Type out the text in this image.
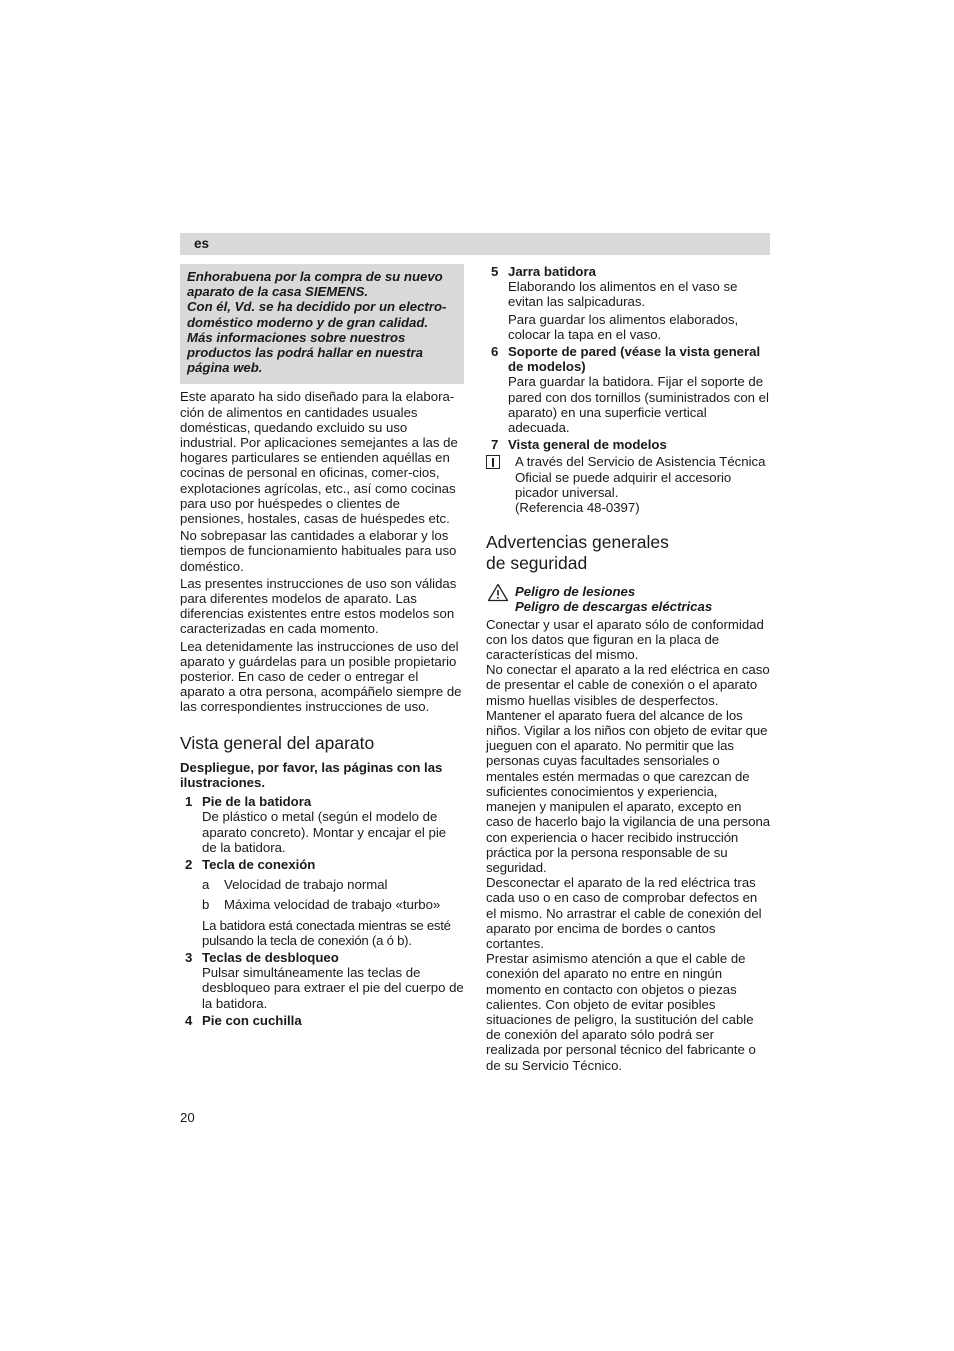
es

Enhorabuena por la compra de su nuevo aparato de la casa SIEMENS.

Con él, Vd. se ha decidido por un electro-doméstico moderno y de gran calidad. Más informaciones sobre nuestros productos las podrá hallar en nuestra página web.

Este aparato ha sido diseñado para la elabora-ción de alimentos en cantidades usuales domésticas, quedando excluido su uso industrial. Por aplicaciones semejantes a las de hogares particulares se entienden aquéllas en cocinas de personal en oficinas, comer-cios, explotaciones agrícolas, etc., así como cocinas para uso por huéspedes o clientes de pensiones, hostales, casas de huéspedes etc.

No sobrepasar las cantidades a elaborar y los tiempos de funcionamiento habituales para uso doméstico.

Las presentes instrucciones de uso son válidas para diferentes modelos de aparato. Las diferencias existentes entre estos modelos son caracterizadas en cada momento.

Lea detenidamente las instrucciones de uso del aparato y guárdelas para un posible propietario posterior. En caso de ceder o entregar el aparato a otra persona, acompáñelo siempre de las correspondientes instrucciones de uso.

Vista general del aparato

Despliegue, por favor, las páginas con las ilustraciones.

1 Pie de la batidora

De plástico o metal (según el modelo de aparato concreto). Montar y encajar el pie de la batidora.

2 Tecla de conexión
a Velocidad de trabajo normal
b Máxima velocidad de trabajo «turbo»

La batidora está conectada mientras se esté pulsando la tecla de conexión (a ó b).

3 Teclas de desbloqueo

Pulsar simultáneamente las teclas de desbloqueo para extraer el pie del cuerpo de la batidora.

4 Pie con cuchilla
5 Jarra batidora

Elaborando los alimentos en el vaso se evitan las salpicaduras.

Para guardar los alimentos elaborados, colocar la tapa en el vaso.

6 Soporte de pared (véase la vista general de modelos)

Para guardar la batidora. Fijar el soporte de pared con dos tornillos (suministrados con el aparato) en una superficie vertical adecuada.

7 Vista general de modelos

A través del Servicio de Asistencia Técnica Oficial se puede adquirir el accesorio picador universal.

(Referencia 48-0397)

Advertencias generales
de seguridad
Peligro de lesiones
Peligro de descargas eléctricas

Conectar y usar el aparato sólo de conformidad con los datos que figuran en la placa de características del mismo.

No conectar el aparato a la red eléctrica en caso de presentar el cable de conexión o el aparato mismo huellas visibles de desperfectos.

Mantener el aparato fuera del alcance de los niños. Vigilar a los niños con objeto de evitar que jueguen con el aparato. No permitir que las personas cuyas facultades sensoriales o mentales estén mermadas o que carezcan de suficientes conocimientos y experiencia, manejen y manipulen el aparato, excepto en caso de hacerlo bajo la vigilancia de una persona con experiencia o hacer recibido instrucción práctica por la persona responsable de su seguridad.

Desconectar el aparato de la red eléctrica tras cada uso o en caso de comprobar defectos en el mismo. No arrastrar el cable de conexión del aparato por encima de bordes o cantos cortantes.

Prestar asimismo atención a que el cable de conexión del aparato no entre en ningún momento en contacto con objetos o piezas calientes. Con objeto de evitar posibles situaciones de peligro, la sustitución del cable de conexión del aparato sólo podrá ser realizada por personal técnico del fabricante o de su Servicio Técnico.

20
